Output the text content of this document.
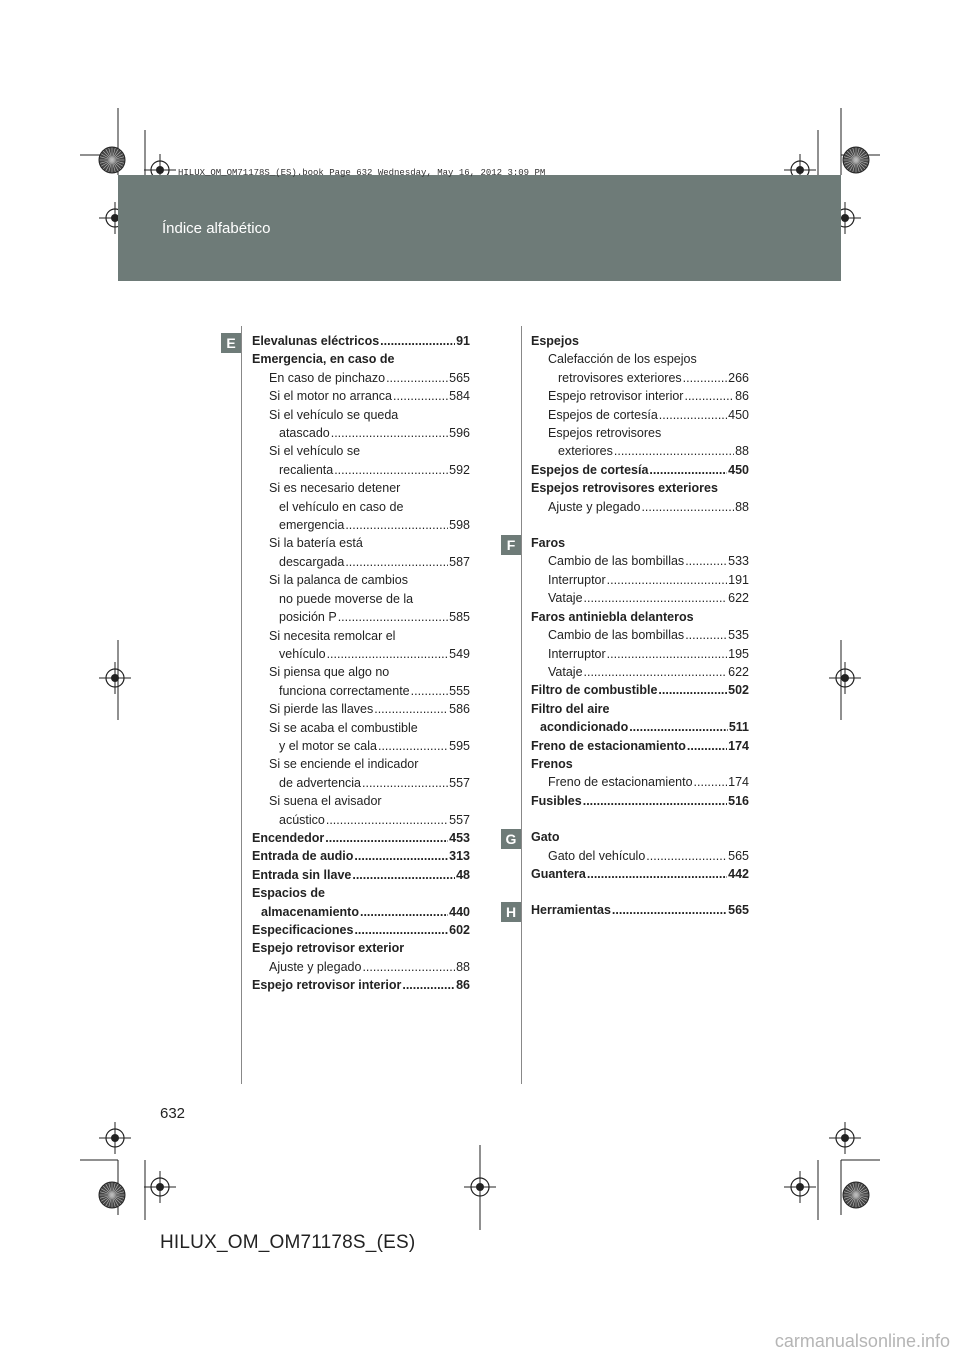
Índice alfabético
HILUX_OM_OM71178S_(ES).book Page 632 Wednesday, May 16, 2012 3:09 PM
Elevalunas eléctricos .....	91
Emergencia, en caso de
En caso de pinchazo .....	565
Si el motor no arranca .....	584
Si el vehículo se queda
atascado .....	596
Si el vehículo se
recalienta .....	592
Si es necesario detener
el vehículo en caso de
emergencia .....	598
Si la batería está
descargada .....	587
Si la palanca de cambios
no puede moverse de la
posición P .....	585
Si necesita remolcar el
vehículo .....	549
Si piensa que algo no
funciona correctamente .....	555
Si pierde las llaves .....	586
Si se acaba el combustible
y el motor se cala .....	595
Si se enciende el indicador
de advertencia .....	557
Si suena el avisador
acústico .....	557
Encendedor .....	453
Entrada de audio .....	313
Entrada sin llave .....	48
Espacios de
almacenamiento .....	440
Especificaciones .....	602
Espejo retrovisor exterior
Ajuste y plegado .....	88
Espejo retrovisor interior .....	86
Espejos
Calefacción de los espejos
retrovisores exteriores .....	266
Espejo retrovisor interior .....	86
Espejos de cortesía .....	450
Espejos retrovisores
exteriores .....	88
Espejos de cortesía .....	450
Espejos retrovisores exteriores
Ajuste y plegado .....	88
Faros
Cambio de las bombillas .....	533
Interruptor .....	191
Vataje .....	622
Faros antiniebla delanteros
Cambio de las bombillas .....	535
Interruptor .....	195
Vataje .....	622
Filtro de combustible .....	502
Filtro del aire
acondicionado .....	511
Freno de estacionamiento .....	174
Frenos
Freno de estacionamiento .....	174
Fusibles .....	516
Gato
Gato del vehículo .....	565
Guantera .....	442
Herramientas .....	565
E
F
G
H
632
HILUX_OM_OM71178S_(ES)
carmanualsonline.info
